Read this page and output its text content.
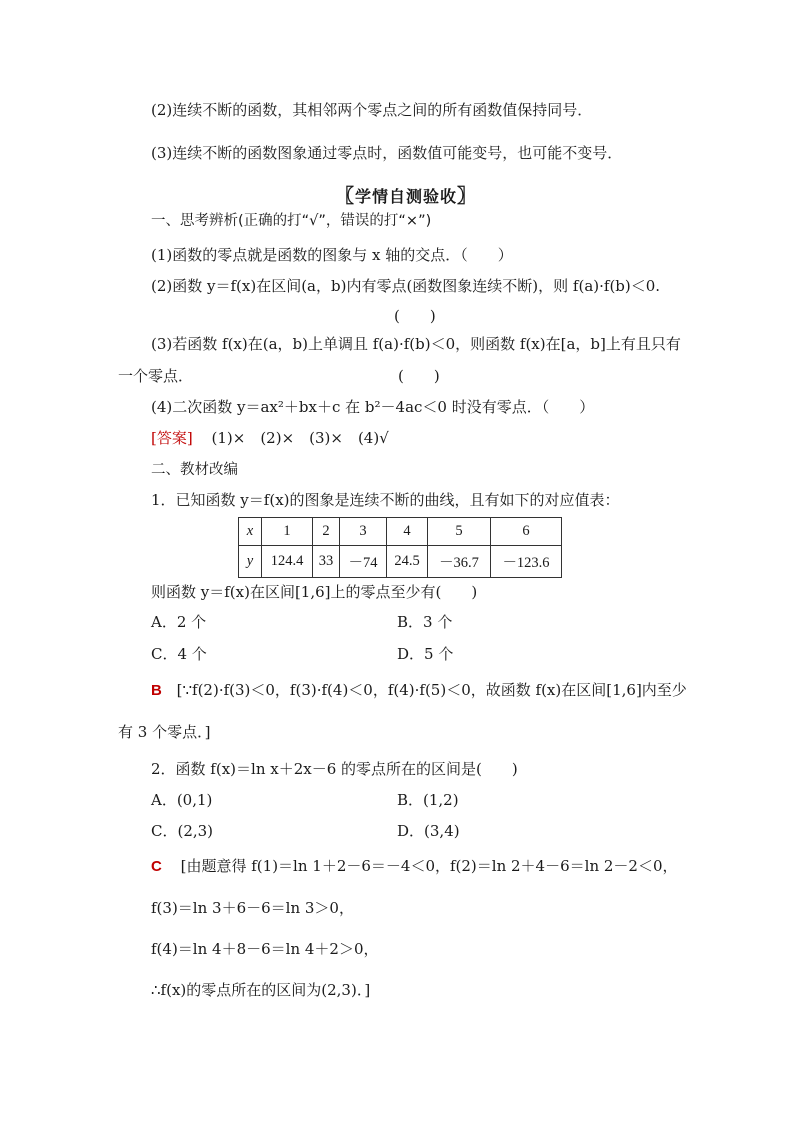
(2)连续不断的函数，其相邻两个零点之间的所有函数值保持同号．
(3)连续不断的函数图象通过零点时，函数值可能变号，也可能不变号．
〖学情自测验收〗
一、思考辨析(正确的打“√”，错误的打“×”)
(1)函数的零点就是函数的图象与 x 轴的交点．（　　）
(2)函数 y＝f(x)在区间(a，b)内有零点(函数图象连续不断)，则 f(a)·f(b)＜0.
(　　)
(3)若函数 f(x)在(a，b)上单调且 f(a)·f(b)＜0，则函数 f(x)在[a，b]上有且只有
一个零点．	(　　)
(4)二次函数 y＝ax²＋bx＋c 在 b²－4ac＜0 时没有零点．（　　）
[答案] (1)×　(2)×　(3)×　(4)√
二、教材改编
1．已知函数 y＝f(x)的图象是连续不断的曲线，且有如下的对应值表：
x	1	2	3	4	5	6
y	124.4	33	－74	24.5	－36.7	－123.6
则函数 y＝f(x)在区间[1,6]上的零点至少有(　　)
A．2 个	B．3 个
C．4 个	D．5 个
B [∵f(2)·f(3)＜0，f(3)·f(4)＜0，f(4)·f(5)＜0，故函数 f(x)在区间[1,6]内至少
有 3 个零点．]
2．函数 f(x)＝ln x＋2x－6 的零点所在的区间是(　　)
A．(0,1)	B．(1,2)
C．(2,3)	D．(3,4)
C [由题意得 f(1)＝ln 1＋2－6＝－4＜0，f(2)＝ln 2＋4－6＝ln 2－2＜0，
f(3)＝ln 3＋6－6＝ln 3＞0，
f(4)＝ln 4＋8－6＝ln 4＋2＞0，
∴f(x)的零点所在的区间为(2,3)．]
